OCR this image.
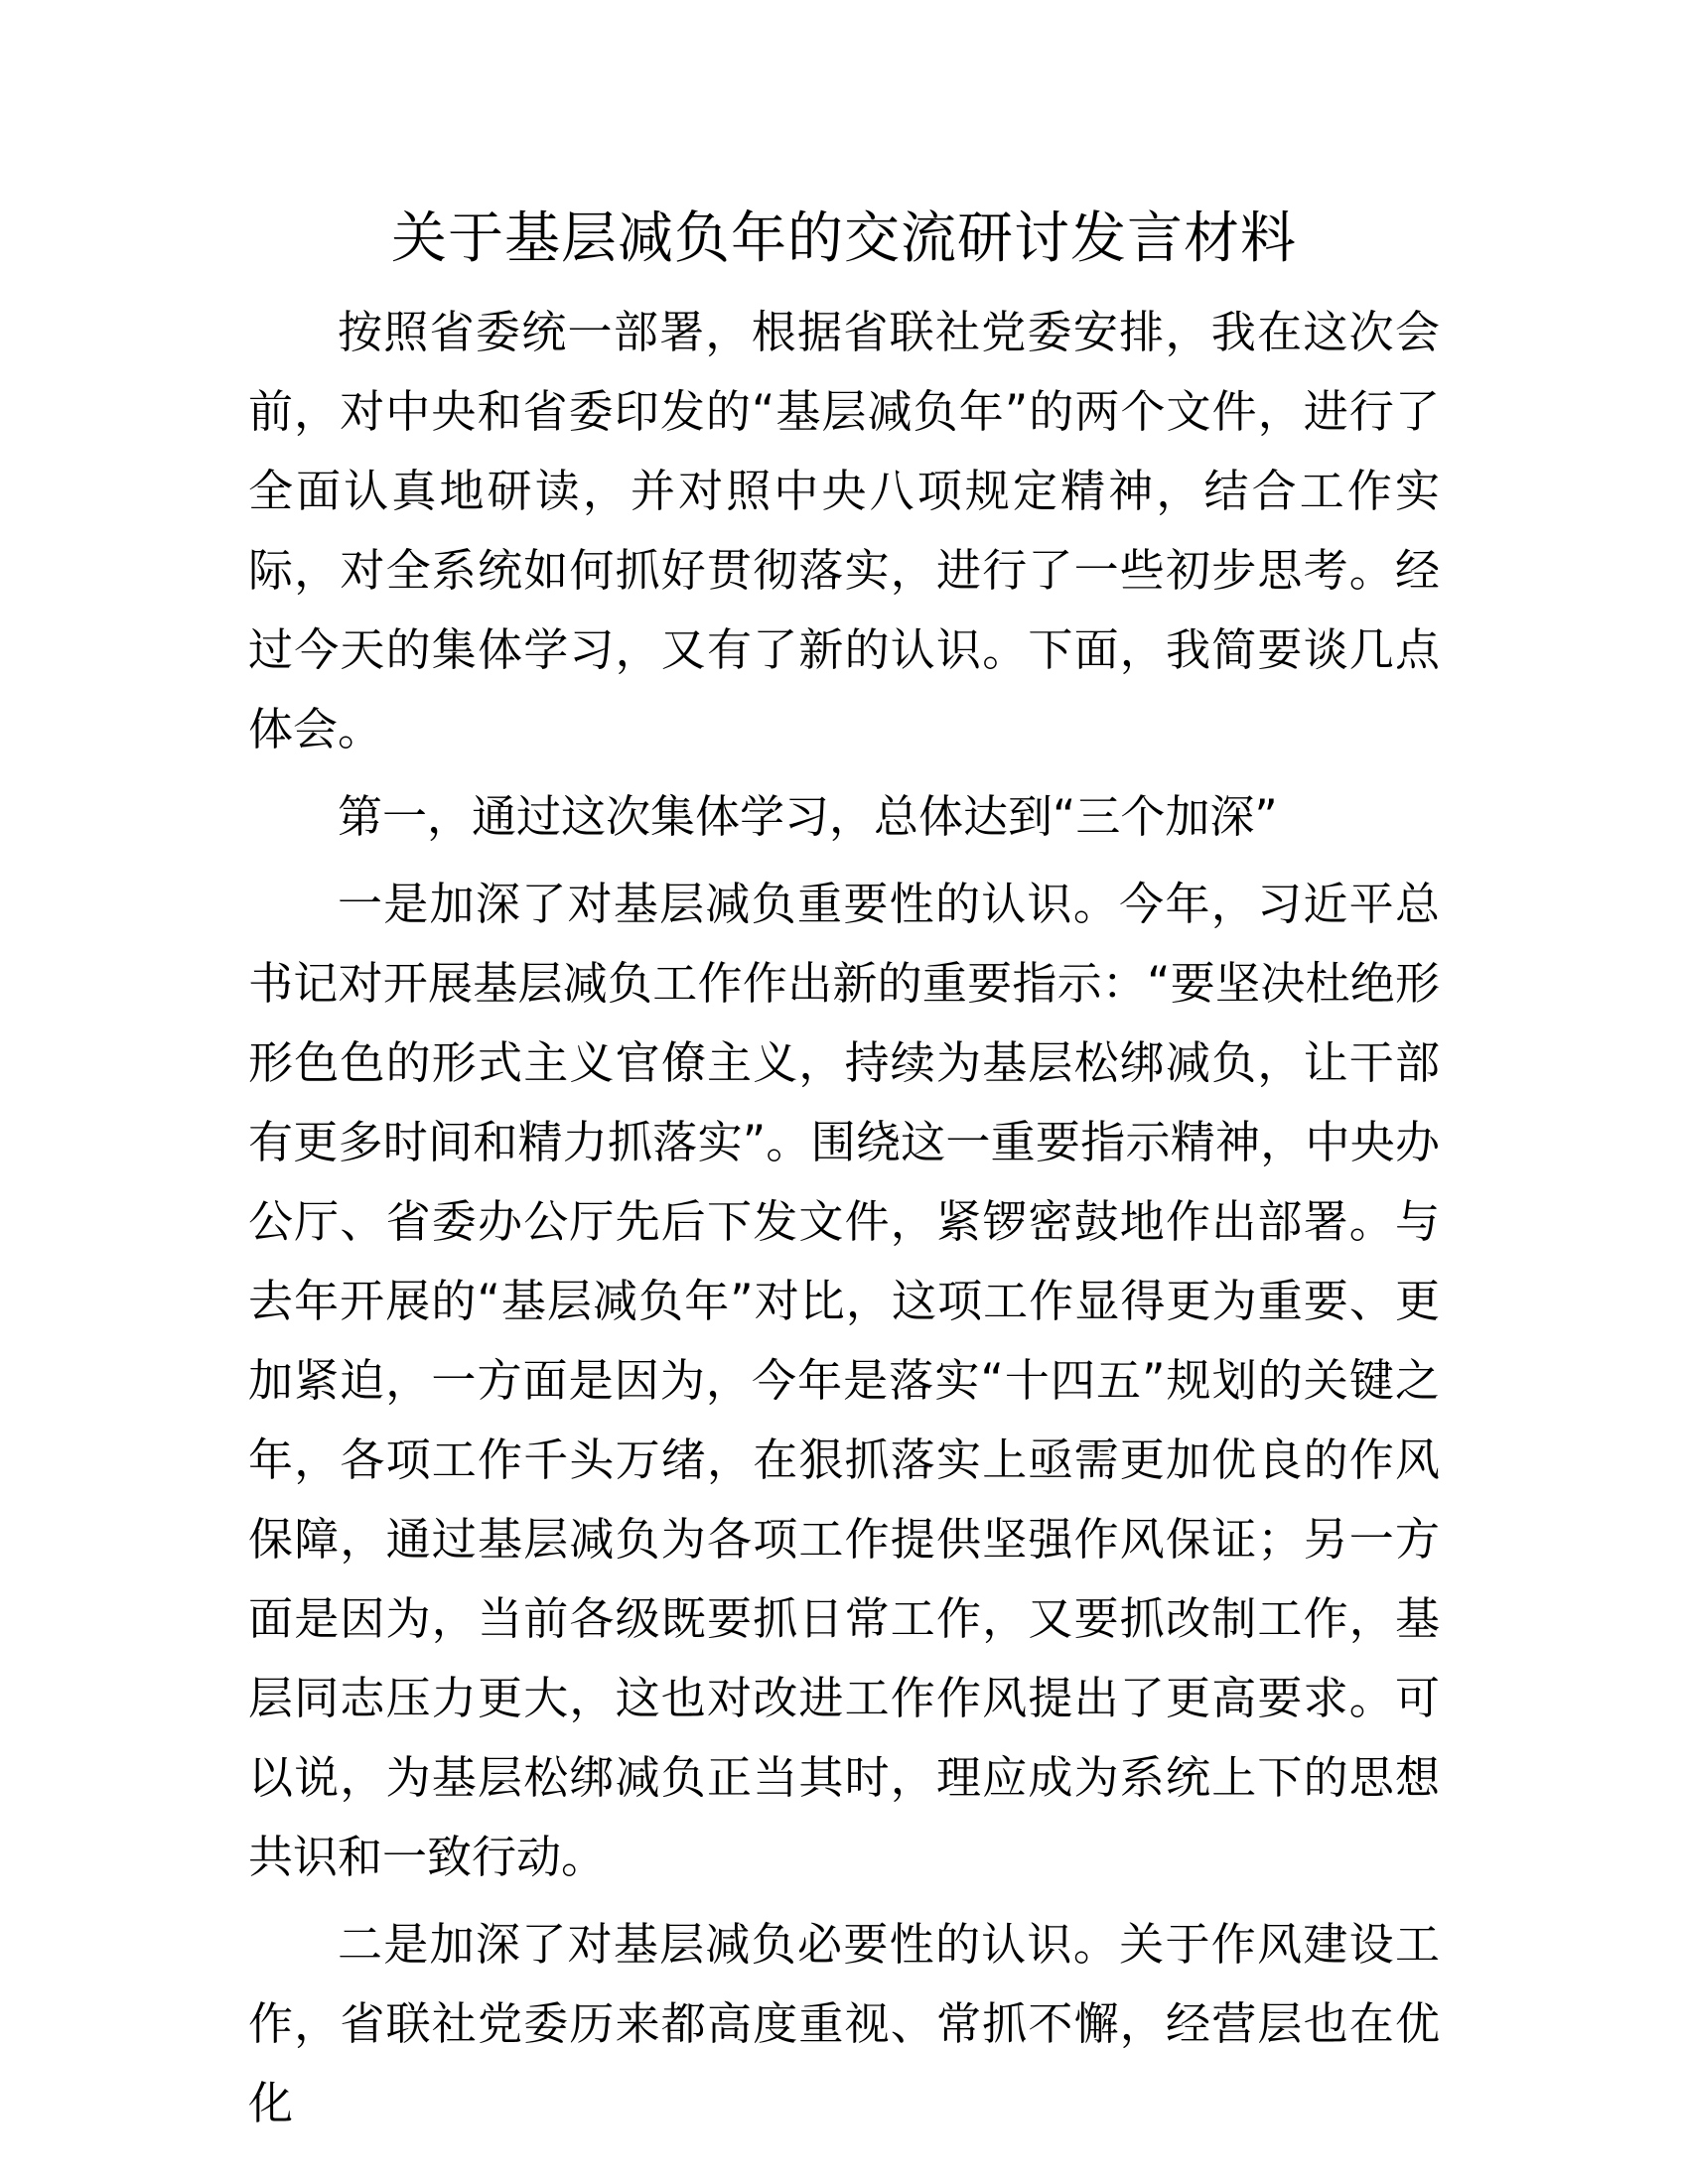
关于基层减负年的交流研讨发言材料

按照省委统一部署，根据省联社党委安排，我在这次会前，对中央和省委印发的“基层减负年”的两个文件，进行了全面认真地研读，并对照中央八项规定精神，结合工作实际，对全系统如何抓好贯彻落实，进行了一些初步思考。经过今天的集体学习，又有了新的认识。下面，我简要谈几点体会。

第一，通过这次集体学习，总体达到“三个加深”

一是加深了对基层减负重要性的认识。今年，习近平总书记对开展基层减负工作作出新的重要指示：“要坚决杜绝形形色色的形式主义官僚主义，持续为基层松绑减负，让干部有更多时间和精力抓落实”。围绕这一重要指示精神，中央办公厅、省委办公厅先后下发文件，紧锣密鼓地作出部署。与去年开展的“基层减负年”对比，这项工作显得更为重要、更加紧迫，一方面是因为，今年是落实“十四五”规划的关键之年，各项工作千头万绪，在狠抓落实上亟需更加优良的作风保障，通过基层减负为各项工作提供坚强作风保证；另一方面是因为，当前各级既要抓日常工作，又要抓改制工作，基层同志压力更大，这也对改进工作作风提出了更高要求。可以说，为基层松绑减负正当其时，理应成为系统上下的思想共识和一致行动。

二是加深了对基层减负必要性的认识。关于作风建设工作，省联社党委历来都高度重视、常抓不懈，经营层也在优化
